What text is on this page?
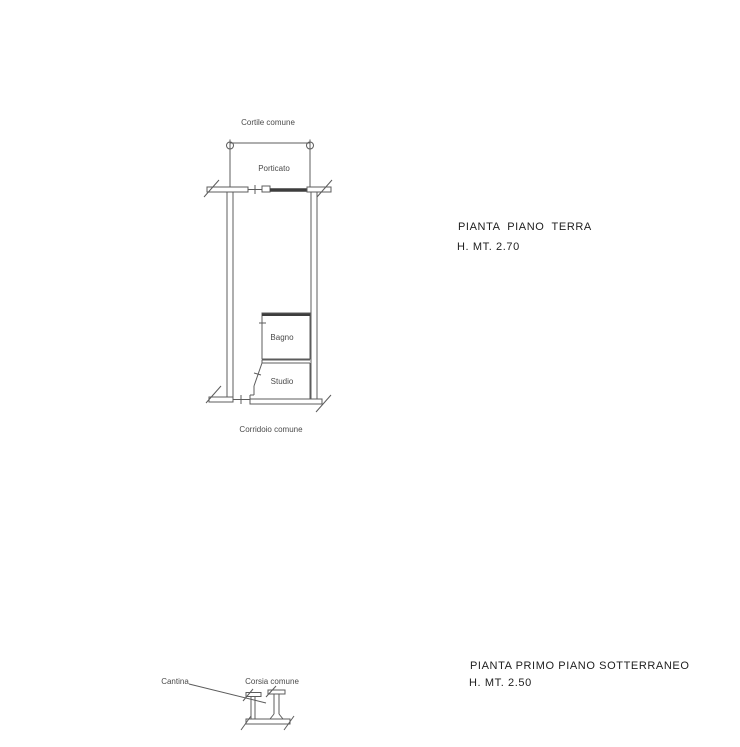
Cortile comune
Porticato
Bagno
Studio
Corridoio comune
Cantina	Corsia comune
PIANTA  PIANO  TERRA
H. MT. 2.70
PIANTA PRIMO PIANO SOTTERRANEO
H. MT. 2.50
